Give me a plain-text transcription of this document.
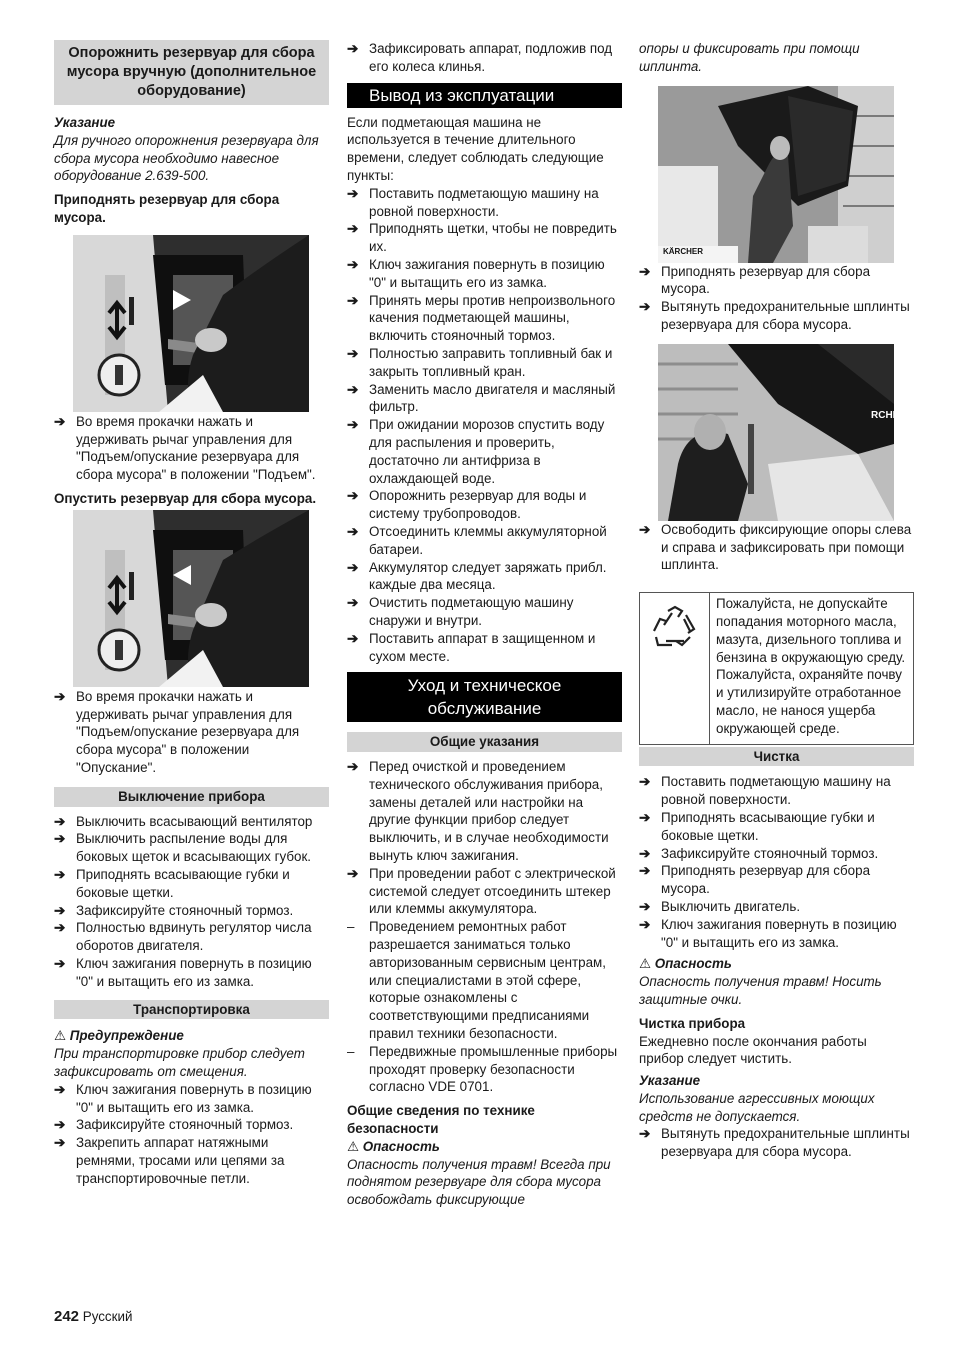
Опорожнить резервуар для сбора мусора вручную (дополнительное оборудование)

Указание

Для ручного опорожнения резервуара для сбора мусора необходимо навесное оборудование 2.639-500.

Приподнять резервуар для сбора мусора.

➔ Во время прокачки нажать и удерживать рычаг управления для "Подъем/опускание резервуара для сбора мусора" в положении "Подъем".

Опустить резервуар для сбора мусора.

➔ Во время прокачки нажать и удерживать рычаг управления для "Подъем/опускание резервуара для сбора мусора" в положении "Опускание".
Выключение прибора
➔ Выключить всасывающий вентилятор
➔ Выключить распыление воды для боковых щеток и всасывающих губок.
➔ Приподнять всасывающие губки и боковые щетки.
➔ Зафиксируйте стояночный тормоз.
➔ Полностью вдвинуть регулятор числа оборотов двигателя.
➔ Ключ зажигания повернуть в позицию "0" и вытащить его из замка.
Транспортировка

⚠ Предупреждение

При транспортировке прибор следует зафиксировать от смещения.

➔ Ключ зажигания повернуть в позицию "0" и вытащить его из замка.
➔ Зафиксируйте стояночный тормоз.
➔ Закрепить аппарат натяжными ремнями, тросами или цепями за транспортировочные петли.
➔ Зафиксировать аппарат, подложив под его колеса клинья.
Вывод из эксплуатации

Если подметающая машина не используется в течение длительного времени, следует соблюдать следующие пункты:

➔ Поставить подметающую машину на ровной поверхности.
➔ Приподнять щетки, чтобы не повредить их.
➔ Ключ зажигания повернуть в позицию "0" и вытащить его из замка.
➔ Принять меры против непроизвольного качения подметающей машины, включить стояночный тормоз.
➔ Полностью заправить топливный бак и закрыть топливный кран.
➔ Заменить масло двигателя и масляный фильтр.
➔ При ожидании морозов спустить воду для распыления и проверить, достаточно ли антифриза в охлаждающей воде.
➔ Опорожнить резервуар для воды и систему трубопроводов.
➔ Отсоединить клеммы аккумуляторной батареи.
➔ Аккумулятор следует заряжать прибл. каждые два месяца.
➔ Очистить подметающую машину снаружи и внутри.
➔ Поставить аппарат в защищенном и сухом месте.
Уход и техническое обслуживание
Общие указания
➔ Перед очисткой и проведением технического обслуживания прибора, замены деталей или настройки на другие функции прибор следует выключить, и в случае необходимости вынуть ключ зажигания.
➔ При проведении работ с электрической системой следует отсоединить штекер или клеммы аккумулятора.
– Проведением ремонтных работ разрешается заниматься только авторизованным сервисным центрам, или специалистами в этой сфере, которые ознакомлены с соответствующими предписаниями правил техники безопасности.
– Передвижные промышленные приборы проходят проверку безопасности согласно VDE 0701.

Общие сведения по технике безопасности

⚠ Опасность

Опасность получения травм! Всегда при поднятом резервуаре для сбора мусора освобождать фиксирующие

опоры и фиксировать при помощи шплинта.

KÄRCHER
➔ Приподнять резервуар для сбора мусора.
➔ Вытянуть предохранительные шплинты резервуара для сбора мусора.
RCHER
➔ Освободить фиксирующие опоры слева и справа и зафиксировать при помощи шплинта.
Пожалуйста, не допускайте попадания моторного масла, мазута, дизельного топлива и бензина в окружающую среду. Пожалуйста, охраняйте почву и утилизируйте отработанное масло, не нанося ущерба окружающей среде.
Чистка
➔ Поставить подметающую машину на ровной поверхности.
➔ Приподнять всасывающие губки и боковые щетки.
➔ Зафиксируйте стояночный тормоз.
➔ Приподнять резервуар для сбора мусора.
➔ Выключить двигатель.
➔ Ключ зажигания повернуть в позицию "0" и вытащить его из замка.

⚠ Опасность

Опасность получения травм! Носить защитные очки.

Чистка прибора

Ежедневно после окончания работы прибор следует чистить.

Указание

Использование агрессивных моющих средств не допускается.

➔ Вытянуть предохранительные шплинты резервуара для сбора мусора.
242 Русский
